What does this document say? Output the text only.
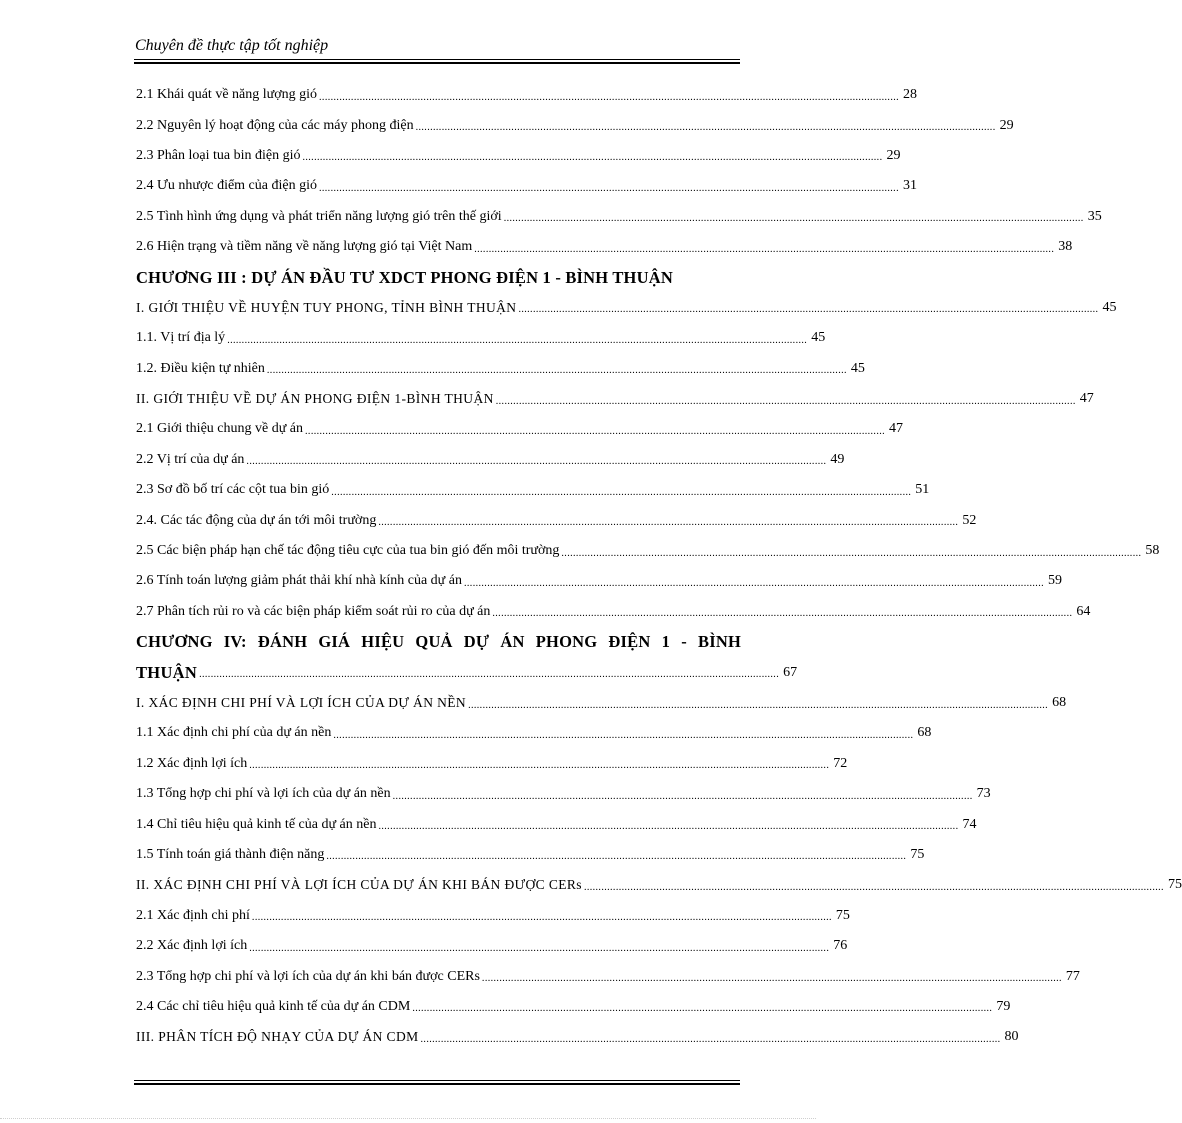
Chuyên đề thực tập tốt nghiệp
2.1 Khái quát về năng lượng gió ........................................................................................................................................................................................................ 28
2.2 Nguyên lý hoạt động của các máy phong điện ........................................................................................................................................................................................................ 29
2.3 Phân loại tua bin điện gió ........................................................................................................................................................................................................ 29
2.4 Ưu nhược điểm của điện gió ........................................................................................................................................................................................................ 31
2.5 Tình hình ứng dụng và phát triển năng lượng gió trên thế giới ........................................................................................................................................................................................................ 35
2.6 Hiện trạng và tiềm năng về năng lượng gió tại Việt Nam ........................................................................................................................................................................................................ 38
CHƯƠNG III : DỰ ÁN ĐẦU TƯ XDCT PHONG ĐIỆN 1 - BÌNH THUẬN
I. GIỚI THIỆU VỀ HUYỆN TUY PHONG, TỈNH BÌNH THUẬN ........................................................................................................................................................................................................ 45
1.1. Vị trí địa lý ........................................................................................................................................................................................................ 45
1.2. Điều kiện tự nhiên ........................................................................................................................................................................................................ 45
II. GIỚI THIỆU VỀ DỰ ÁN PHONG ĐIỆN 1-BÌNH THUẬN ........................................................................................................................................................................................................ 47
2.1 Giới thiệu chung về dự án ........................................................................................................................................................................................................ 47
2.2 Vị trí của dự án ........................................................................................................................................................................................................ 49
2.3 Sơ đồ bố trí các cột tua bin gió ........................................................................................................................................................................................................ 51
2.4. Các tác động của dự án tới môi trường ........................................................................................................................................................................................................ 52
2.5 Các biện pháp hạn chế tác động tiêu cực của tua bin gió đến môi trường ........................................................................................................................................................................................................ 58
2.6 Tính toán lượng giảm phát thải khí nhà kính của dự án ........................................................................................................................................................................................................ 59
2.7 Phân tích rủi ro và các biện pháp kiểm soát rủi ro của dự án ........................................................................................................................................................................................................ 64
CHƯƠNG IV: ĐÁNH GIÁ HIỆU QUẢ DỰ ÁN PHONG ĐIỆN 1 - BÌNH
THUẬN ........................................................................................................................................................................................................ 67
I. XÁC ĐỊNH CHI PHÍ VÀ LỢI ÍCH CỦA DỰ ÁN NỀN ........................................................................................................................................................................................................ 68
1.1 Xác định chi phí của dự án nền ........................................................................................................................................................................................................ 68
1.2 Xác định lợi ích ........................................................................................................................................................................................................ 72
1.3 Tổng hợp chi phí và lợi ích của dự án nền ........................................................................................................................................................................................................ 73
1.4 Chỉ tiêu hiệu quả kinh tế của dự án nền ........................................................................................................................................................................................................ 74
1.5 Tính toán giá thành điện năng ........................................................................................................................................................................................................ 75
II. XÁC ĐỊNH CHI PHÍ VÀ LỢI ÍCH CỦA DỰ ÁN KHI BÁN ĐƯỢC CERs ........................................................................................................................................................................................................ 75
2.1 Xác định chi phí ........................................................................................................................................................................................................ 75
2.2 Xác định lợi ích ........................................................................................................................................................................................................ 76
2.3 Tổng hợp chi phí và lợi ích của dự án khi bán được CERs ........................................................................................................................................................................................................ 77
2.4 Các chỉ tiêu hiệu quả kinh tế của dự án CDM ........................................................................................................................................................................................................ 79
III. PHÂN TÍCH ĐỘ NHẠY CỦA DỰ ÁN CDM ........................................................................................................................................................................................................ 80
